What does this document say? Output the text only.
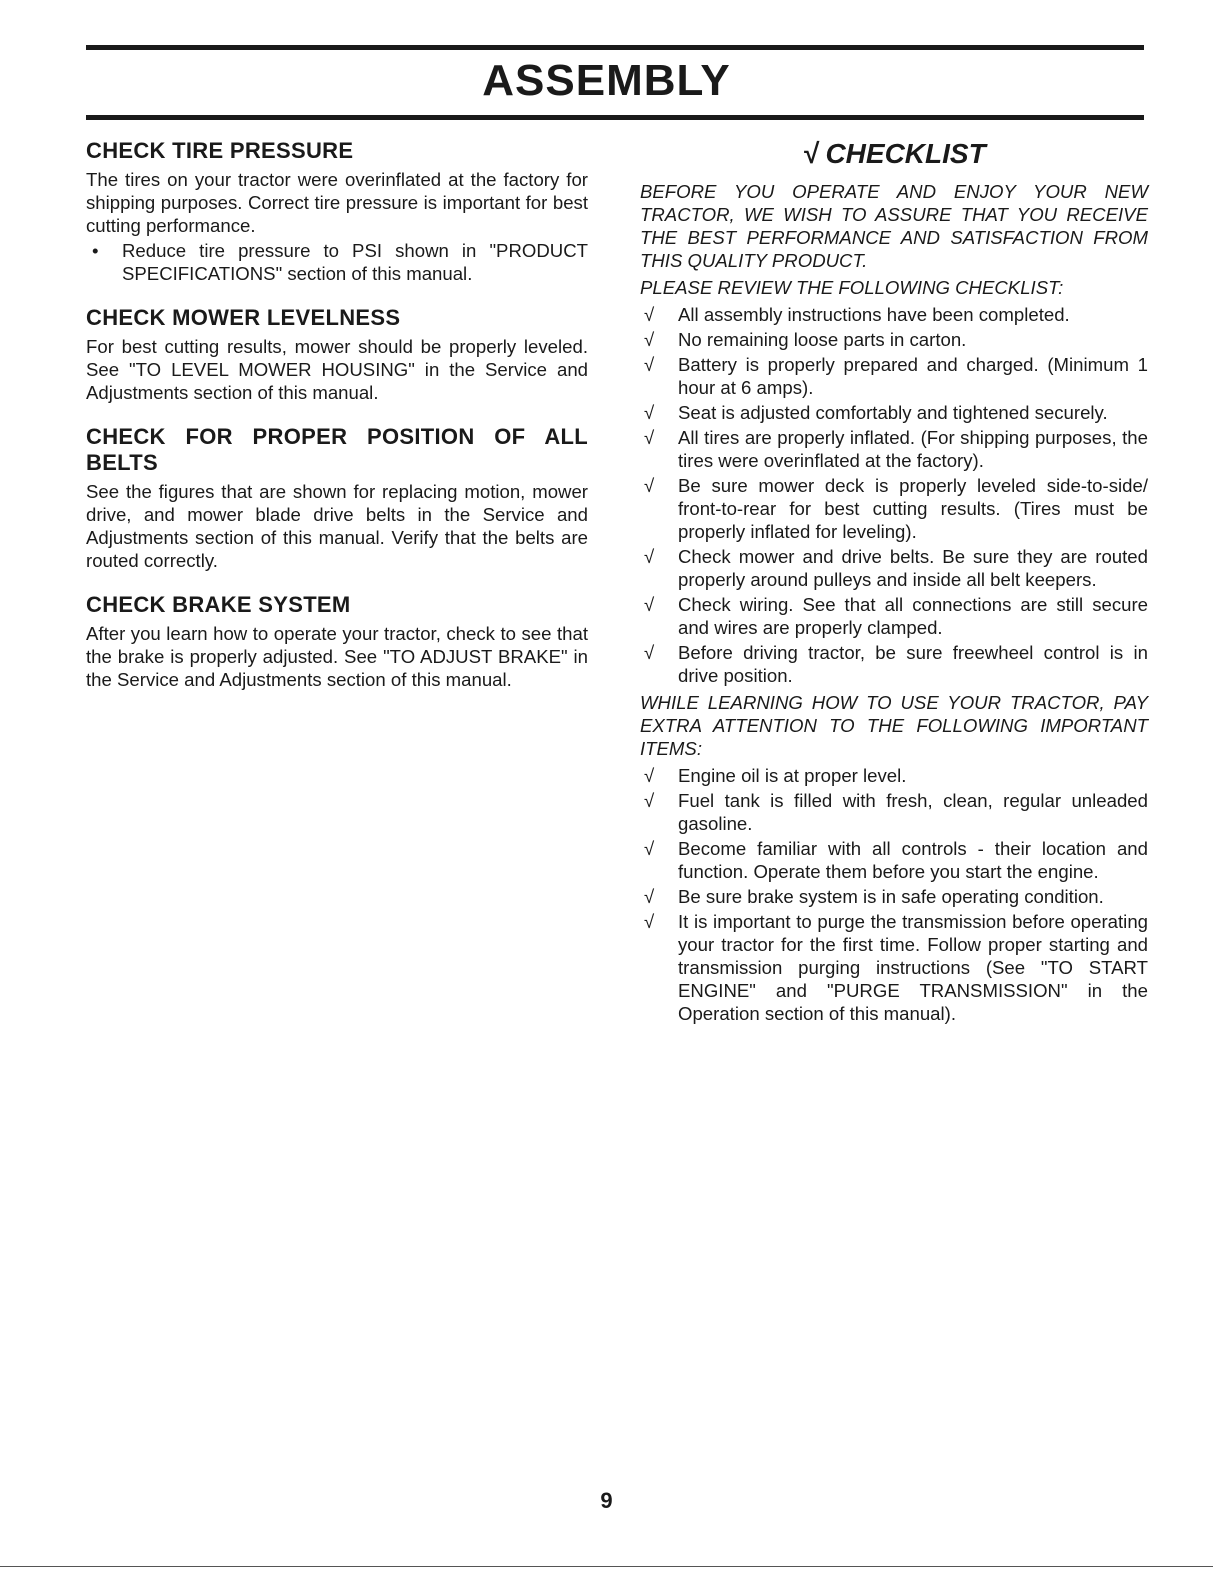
ASSEMBLY
CHECK TIRE PRESSURE

The tires on your tractor were overinflated at the factory for shipping purposes. Correct tire pressure is important for best cutting performance.

•	Reduce tire pressure to PSI shown in "PRODUCT SPECIFICATIONS" section of this manual.
CHECK MOWER LEVELNESS

For best cutting results, mower should be properly leveled. See "TO LEVEL MOWER HOUSING" in the Service and Adjustments section of this manual.

CHECK FOR PROPER POSITION OF ALL BELTS

See the figures that are shown for replacing motion, mower drive, and mower blade drive belts in the Service and Adjustments section of this manual. Verify that the belts are routed correctly.

CHECK BRAKE SYSTEM

After you learn how to operate your tractor, check to see that the brake is properly adjusted. See "TO ADJUST BRAKE" in the Service and Adjustments section of this manual.

√ CHECKLIST

BEFORE YOU OPERATE AND ENJOY YOUR NEW TRACTOR, WE WISH TO ASSURE THAT YOU RECEIVE THE BEST PERFORMANCE AND SATISFACTION FROM THIS QUALITY PRODUCT.

PLEASE REVIEW THE FOLLOWING CHECKLIST:

√	All assembly instructions have been completed.
√	No remaining loose parts in carton.
√	Battery is properly prepared and charged. (Minimum 1 hour at 6 amps).
√	Seat is adjusted comfortably and tightened securely.
√	All tires are properly inflated. (For shipping purposes, the tires were overinflated at the factory).
√	Be sure mower deck is properly leveled side-to-side/ front-to-rear for best cutting results. (Tires must be properly inflated for leveling).
√	Check mower and drive belts. Be sure they are routed properly around pulleys and inside all belt keepers.
√	Check wiring. See that all connections are still secure and wires are properly clamped.
√	Before driving tractor, be sure freewheel control is in drive position.

WHILE LEARNING HOW TO USE YOUR TRACTOR, PAY EXTRA ATTENTION TO THE FOLLOWING IMPORTANT ITEMS:

√	Engine oil is at proper level.
√	Fuel tank is filled with fresh, clean, regular unleaded gasoline.
√	Become familiar with all controls - their location and function. Operate them before you start the engine.
√	Be sure brake system is in safe operating condition.
√	It is important to purge the transmission before operating your tractor for the first time. Follow proper starting and transmission purging instructions (See "TO START ENGINE" and "PURGE TRANSMISSION" in the Operation section of this manual).
9
